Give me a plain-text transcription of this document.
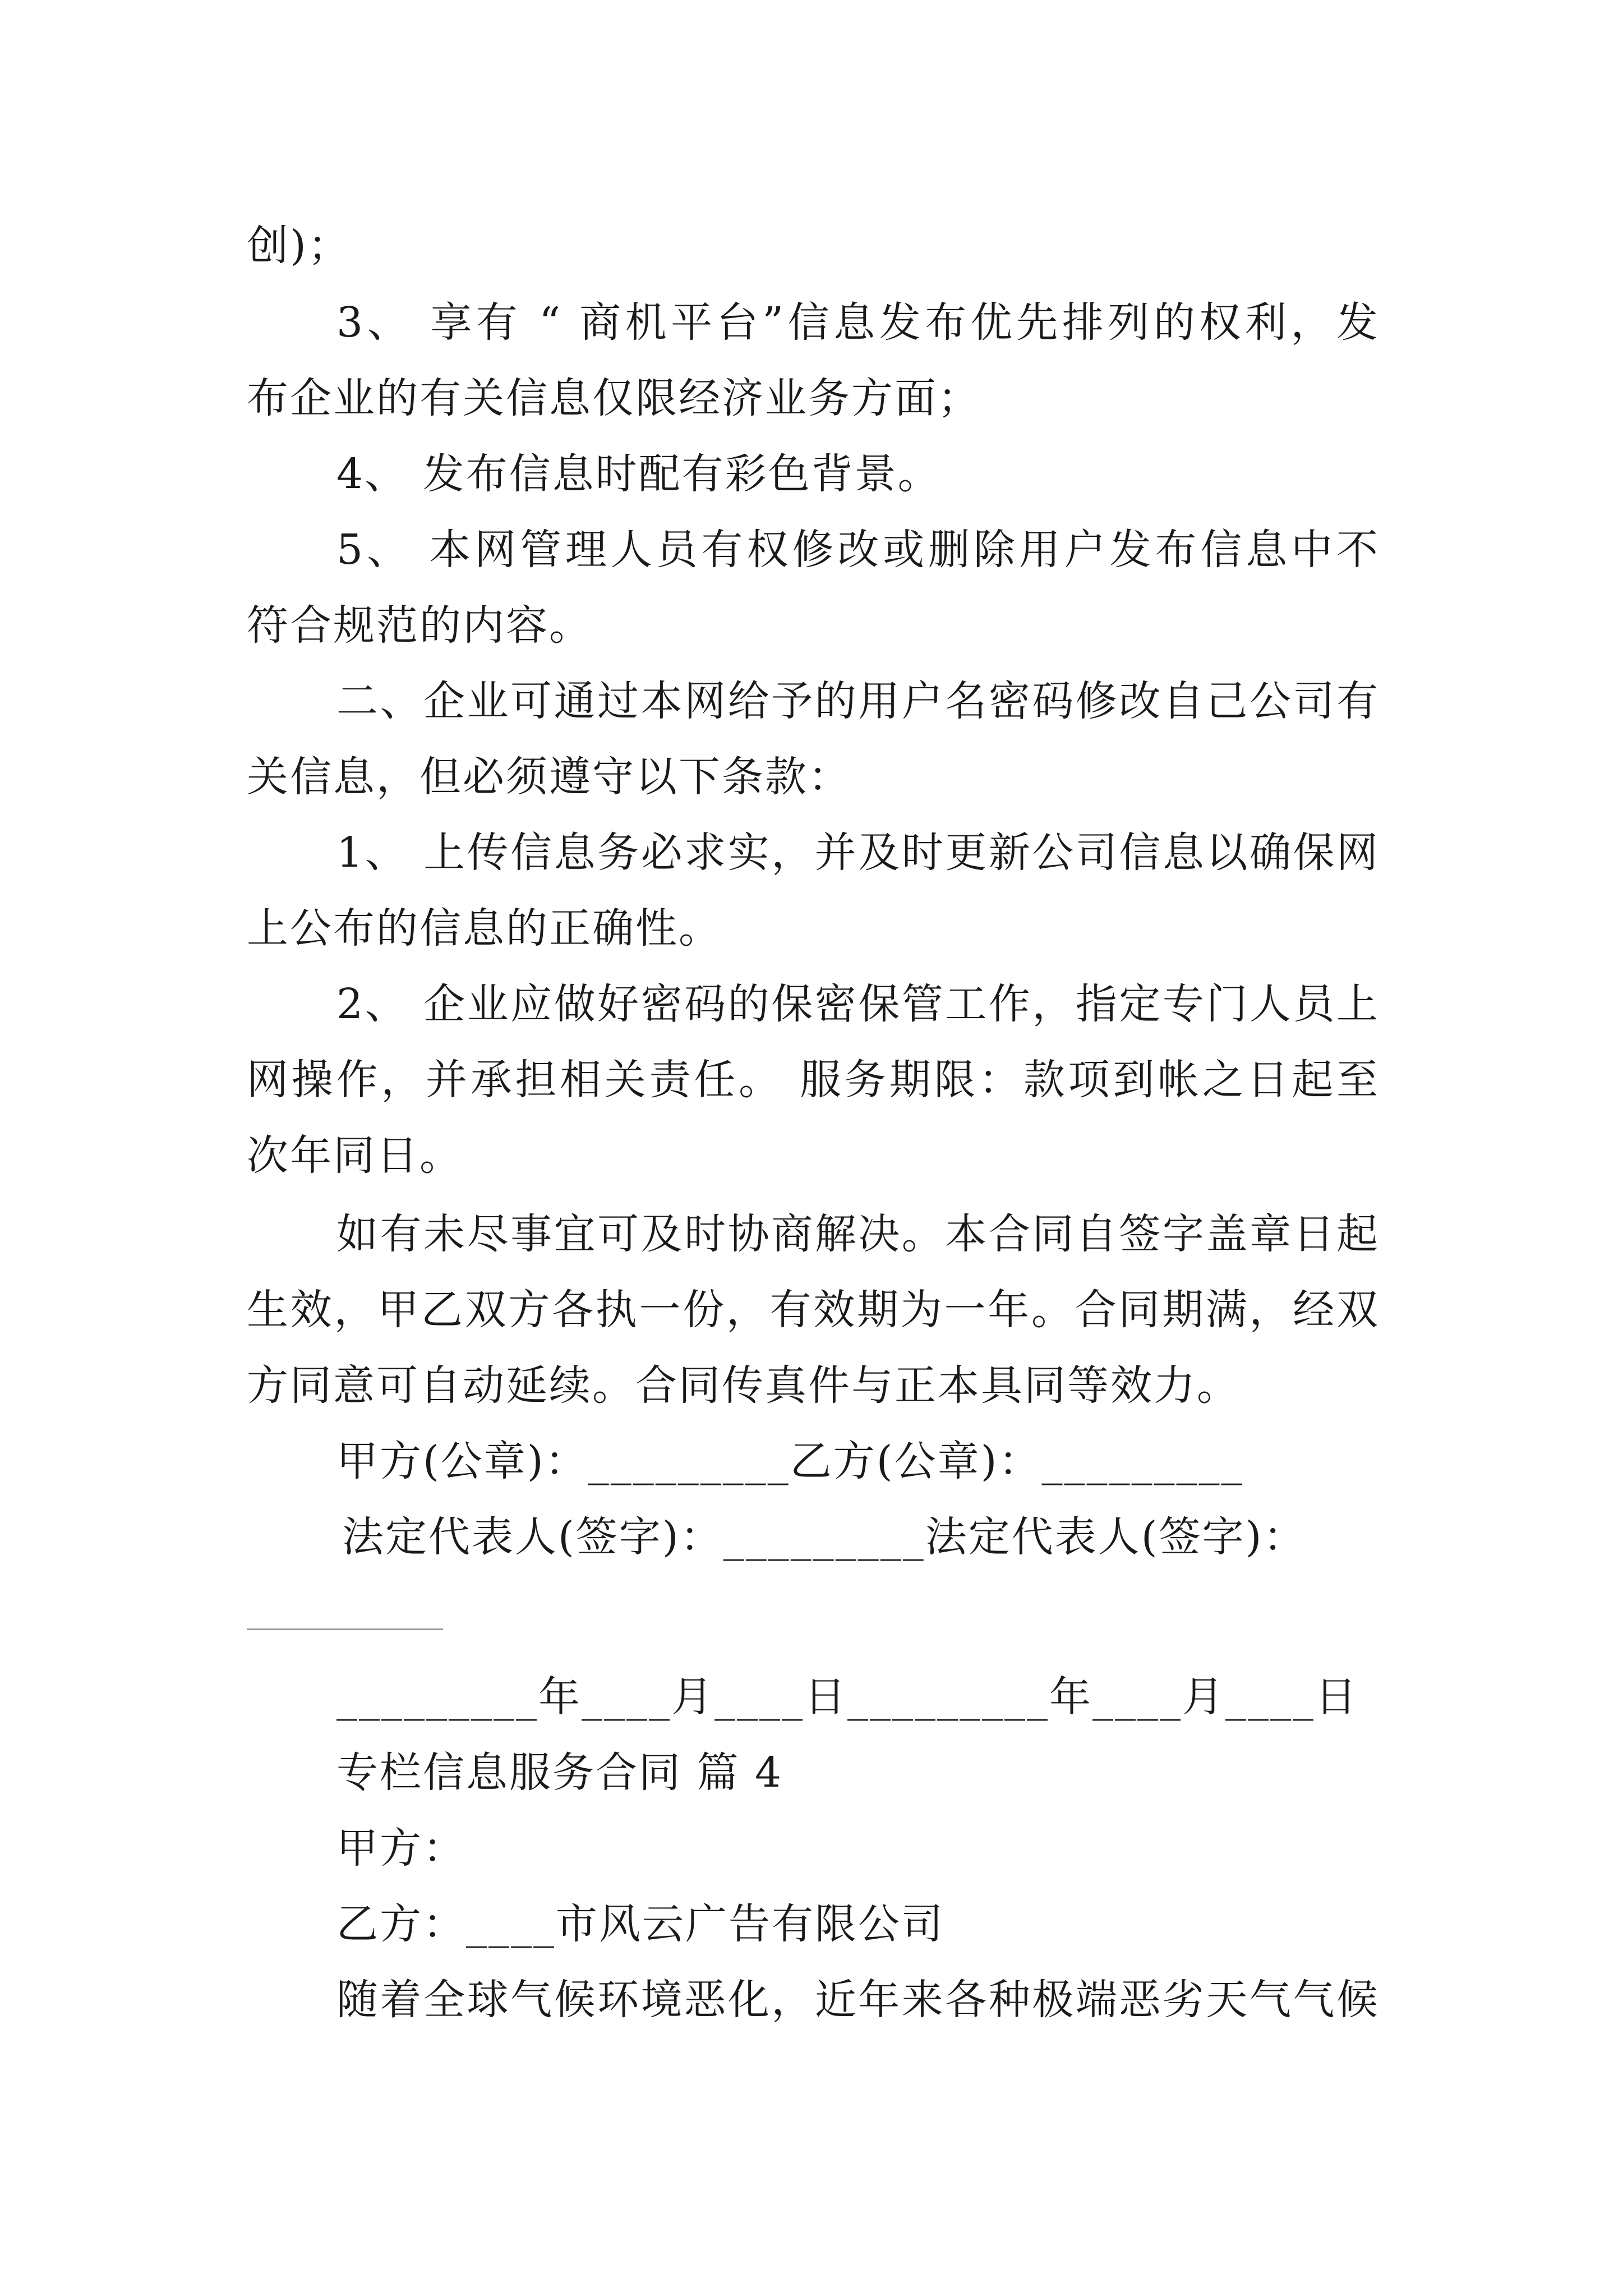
创)；
3、 享有 “ 商机平台”信息发布优先排列的权利，发
布企业的有关信息仅限经济业务方面；
4、 发布信息时配有彩色背景。
5、 本网管理人员有权修改或删除用户发布信息中不
符合规范的内容。
二、企业可通过本网给予的用户名密码修改自己公司有
关信息，但必须遵守以下条款：
1、 上传信息务必求实，并及时更新公司信息以确保网
上公布的信息的正确性。
2、 企业应做好密码的保密保管工作，指定专门人员上
网操作，并承担相关责任。 服务期限：款项到帐之日起至
次年同日。
如有未尽事宜可及时协商解决。本合同自签字盖章日起
生效，甲乙双方各执一份，有效期为一年。合同期满，经双
方同意可自动延续。合同传真件与正本具同等效力。
甲方(公章)：_________乙方(公章)：_________
法定代表人(签字)：_________法定代表人(签字)：
_________年____月____日_________年____月____日
专栏信息服务合同 篇 4
甲方：
乙方：____市风云广告有限公司
随着全球气候环境恶化，近年来各种极端恶劣天气气候
